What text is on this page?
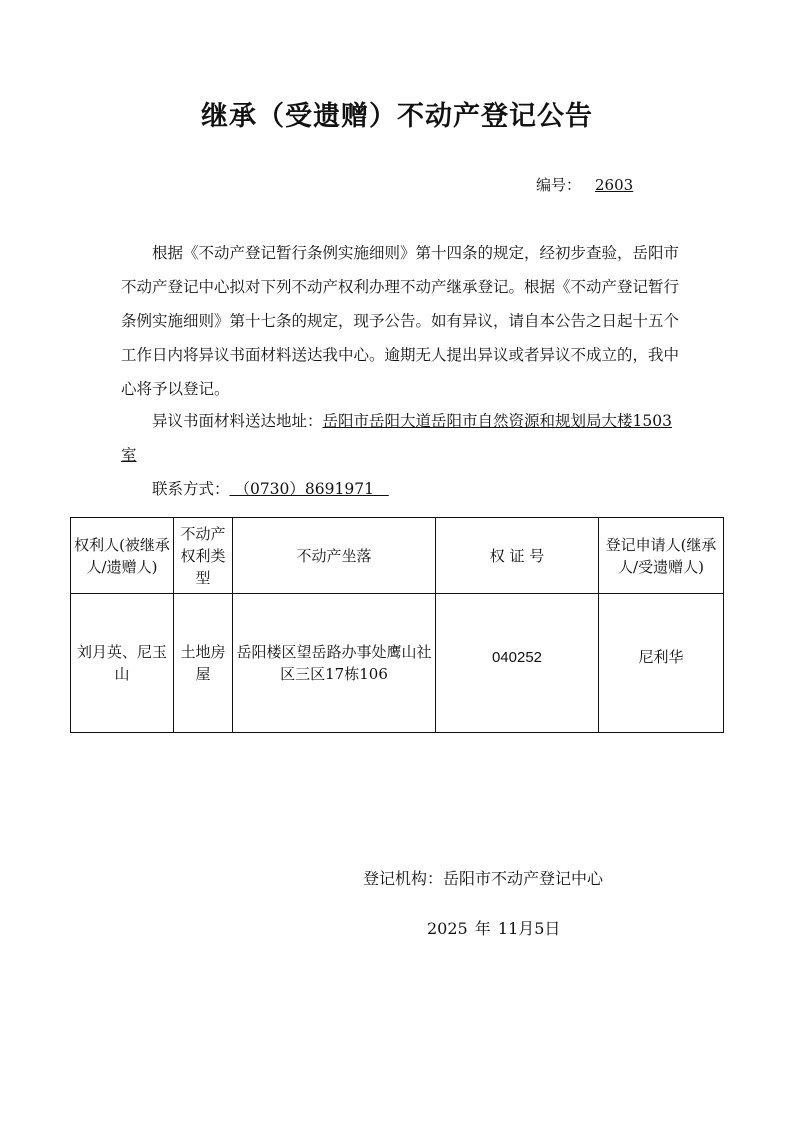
继承（受遗赠）不动产登记公告
编号： 2603

根据《不动产登记暂行条例实施细则》第十四条的规定，经初步查验，岳阳市不动产登记中心拟对下列不动产权利办理不动产继承登记。根据《不动产登记暂行条例实施细则》第十七条的规定，现予公告。如有异议，请自本公告之日起十五个工作日内将异议书面材料送达我中心。逾期无人提出异议或者异议不成立的，我中心将予以登记。

异议书面材料送达地址：岳阳市岳阳大道岳阳市自然资源和规划局大楼1503室
联系方式： （0730）8691971
权利人(被继承人/遗赠人)	不动产权利类型	不动产坐落	权 证 号	登记申请人(继承人/受遗赠人)
刘月英、尼玉山	土地房屋	岳阳楼区望岳路办事处鹰山社区三区17栋106	040252	尼利华
登记机构：岳阳市不动产登记中心
2025 年 11月5日
